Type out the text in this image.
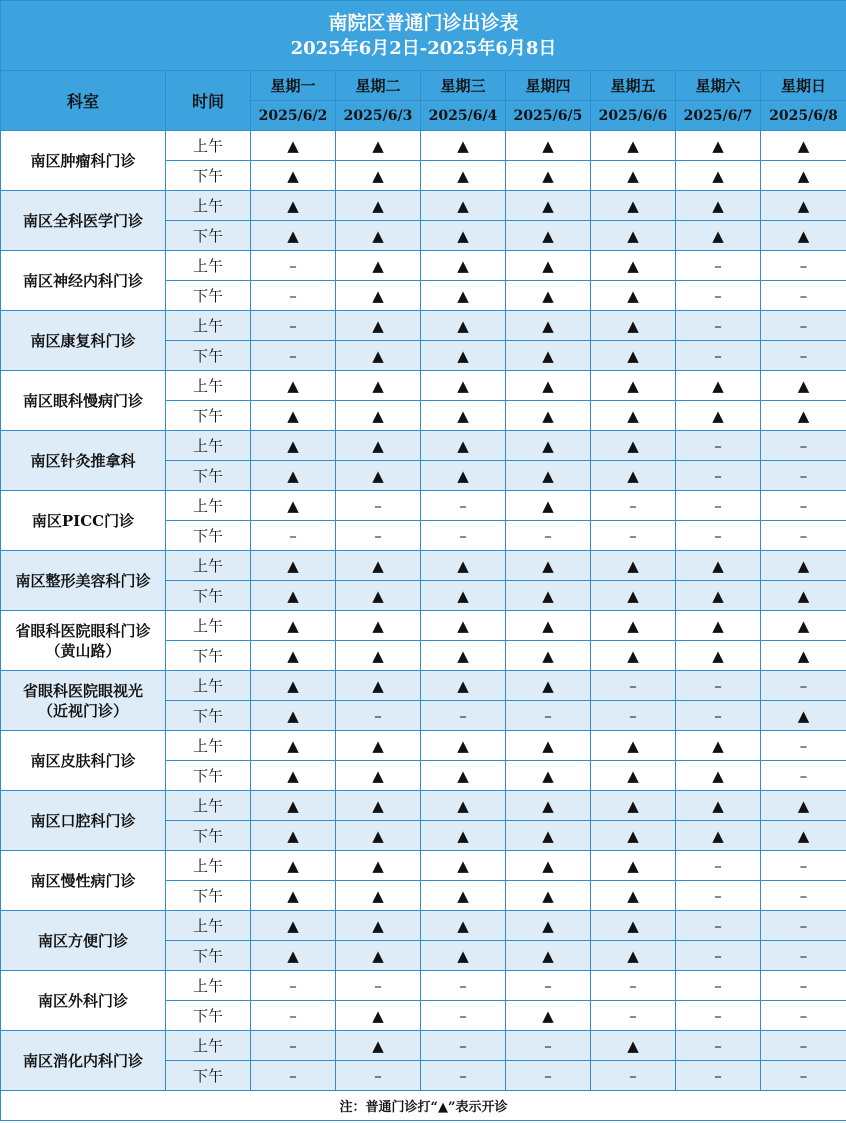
南院区普通门诊出诊表
2025年6月2日-2025年6月8日								

科室	时间	星期一	星期二	星期三	星期四	星期五	星期六	星期日
		2025/6/2	2025/6/3	2025/6/4	2025/6/5	2025/6/6	2025/6/7	2025/6/8

南区肿瘤科门诊	上午	▲	▲	▲	▲	▲	▲	▲
	下午	▲	▲	▲	▲	▲	▲	▲

南区全科医学门诊	上午	▲	▲	▲	▲	▲	▲	▲
	下午	▲	▲	▲	▲	▲	▲	▲

南区神经内科门诊	上午	–	▲	▲	▲	▲	–	–
	下午	–	▲	▲	▲	▲	–	–

南区康复科门诊	上午	–	▲	▲	▲	▲	–	–
	下午	–	▲	▲	▲	▲	–	–

南区眼科慢病门诊	上午	▲	▲	▲	▲	▲	▲	▲
	下午	▲	▲	▲	▲	▲	▲	▲

南区针灸推拿科	上午	▲	▲	▲	▲	▲	–	–
	下午	▲	▲	▲	▲	▲	–	–

南区PICC门诊	上午	▲	–	–	▲	–	–	–
	下午	–	–	–	–	–	–	–

南区整形美容科门诊	上午	▲	▲	▲	▲	▲	▲	▲
	下午	▲	▲	▲	▲	▲	▲	▲

省眼科医院眼科门诊
（黄山路）	上午	▲	▲	▲	▲	▲	▲	▲
	下午	▲	▲	▲	▲	▲	▲	▲

省眼科医院眼视光
（近视门诊）	上午	▲	▲	▲	▲	–	–	–
	下午	▲	–	–	–	–	–	▲

南区皮肤科门诊	上午	▲	▲	▲	▲	▲	▲	–
	下午	▲	▲	▲	▲	▲	▲	–

南区口腔科门诊	上午	▲	▲	▲	▲	▲	▲	▲
	下午	▲	▲	▲	▲	▲	▲	▲

南区慢性病门诊	上午	▲	▲	▲	▲	▲	–	–
	下午	▲	▲	▲	▲	▲	–	–

南区方便门诊	上午	▲	▲	▲	▲	▲	–	–
	下午	▲	▲	▲	▲	▲	–	–

南区外科门诊	上午	–	–	–	–	–	–	–
	下午	–	▲	–	▲	–	–	–

南区消化内科门诊	上午	–	▲	–	–	▲	–	–
	下午	–	–	–	–	–	–	–
注：普通门诊打“▲”表示开诊								
